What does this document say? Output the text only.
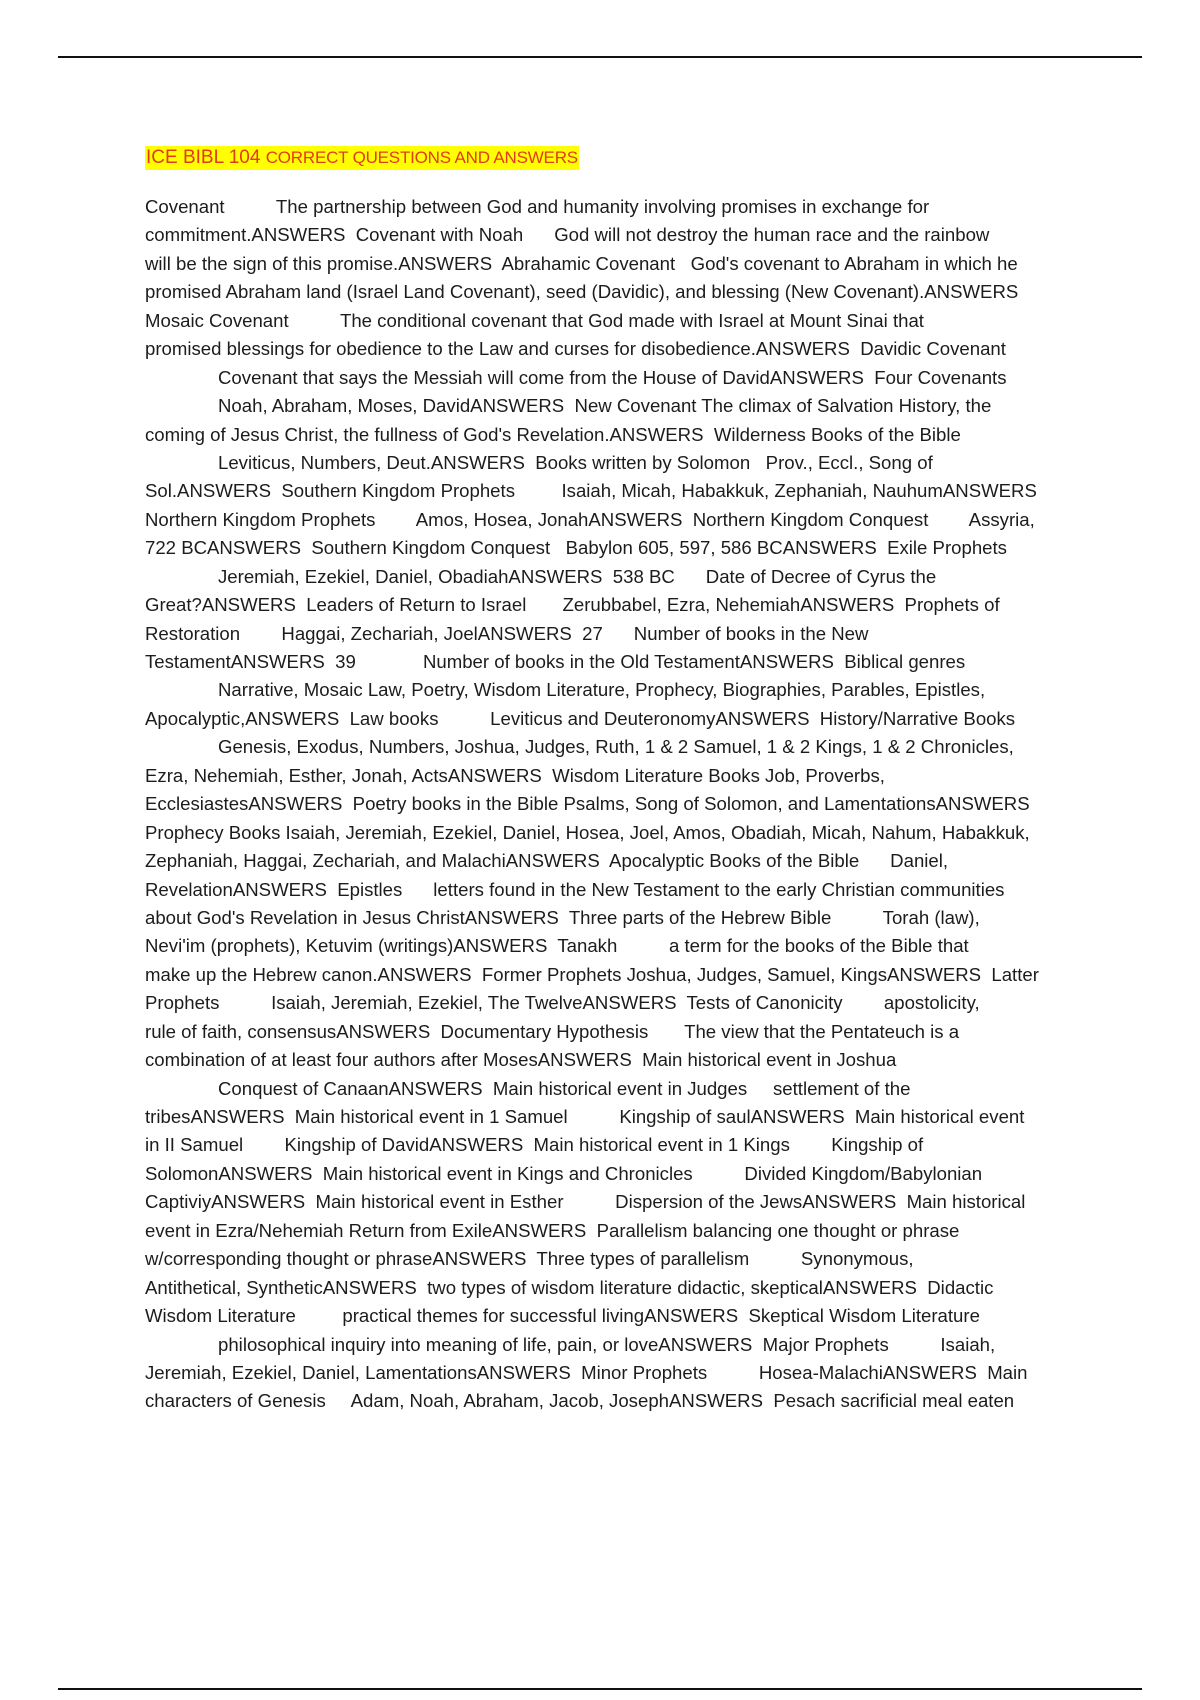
ICE BIBL 104 CORRECT QUESTIONS AND ANSWERS
Covenant          The partnership between God and humanity involving promises in exchange for
commitment.ANSWERS  Covenant with Noah      God will not destroy the human race and the rainbow
will be the sign of this promise.ANSWERS  Abrahamic Covenant   God's covenant to Abraham in which he
promised Abraham land (Israel Land Covenant), seed (Davidic), and blessing (New Covenant).ANSWERS
Mosaic Covenant          The conditional covenant that God made with Israel at Mount Sinai that
promised blessings for obedience to the Law and curses for disobedience.ANSWERS  Davidic Covenant
Covenant that says the Messiah will come from the House of DavidANSWERS  Four Covenants
Noah, Abraham, Moses, DavidANSWERS  New Covenant The climax of Salvation History, the
coming of Jesus Christ, the fullness of God's Revelation.ANSWERS  Wilderness Books of the Bible
Leviticus, Numbers, Deut.ANSWERS  Books written by Solomon   Prov., Eccl., Song of
Sol.ANSWERS  Southern Kingdom Prophets         Isaiah, Micah, Habakkuk, Zephaniah, NauhumANSWERS
Northern Kingdom Prophets        Amos, Hosea, JonahANSWERS  Northern Kingdom Conquest        Assyria,
722 BCANSWERS  Southern Kingdom Conquest   Babylon 605, 597, 586 BCANSWERS  Exile Prophets
Jeremiah, Ezekiel, Daniel, ObadiahANSWERS  538 BC      Date of Decree of Cyrus the
Great?ANSWERS  Leaders of Return to Israel       Zerubbabel, Ezra, NehemiahANSWERS  Prophets of
Restoration        Haggai, Zechariah, JoelANSWERS  27      Number of books in the New
TestamentANSWERS  39             Number of books in the Old TestamentANSWERS  Biblical genres
Narrative, Mosaic Law, Poetry, Wisdom Literature, Prophecy, Biographies, Parables, Epistles,
Apocalyptic,ANSWERS  Law books          Leviticus and DeuteronomyANSWERS  History/Narrative Books
Genesis, Exodus, Numbers, Joshua, Judges, Ruth, 1 & 2 Samuel, 1 & 2 Kings, 1 & 2 Chronicles,
Ezra, Nehemiah, Esther, Jonah, ActsANSWERS  Wisdom Literature Books Job, Proverbs,
EcclesiastesANSWERS  Poetry books in the Bible Psalms, Song of Solomon, and LamentationsANSWERS
Prophecy Books Isaiah, Jeremiah, Ezekiel, Daniel, Hosea, Joel, Amos, Obadiah, Micah, Nahum, Habakkuk,
Zephaniah, Haggai, Zechariah, and MalachiANSWERS  Apocalyptic Books of the Bible      Daniel,
RevelationANSWERS  Epistles      letters found in the New Testament to the early Christian communities
about God's Revelation in Jesus ChristANSWERS  Three parts of the Hebrew Bible          Torah (law),
Nevi'im (prophets), Ketuvim (writings)ANSWERS  Tanakh          a term for the books of the Bible that
make up the Hebrew canon.ANSWERS  Former Prophets Joshua, Judges, Samuel, KingsANSWERS  Latter
Prophets          Isaiah, Jeremiah, Ezekiel, The TwelveANSWERS  Tests of Canonicity        apostolicity,
rule of faith, consensusANSWERS  Documentary Hypothesis       The view that the Pentateuch is a
combination of at least four authors after MosesANSWERS  Main historical event in Joshua
Conquest of CanaanANSWERS  Main historical event in Judges     settlement of the
tribesANSWERS  Main historical event in 1 Samuel          Kingship of saulANSWERS  Main historical event
in II Samuel        Kingship of DavidANSWERS  Main historical event in 1 Kings        Kingship of
SolomonANSWERS  Main historical event in Kings and Chronicles          Divided Kingdom/Babylonian
CaptiviyANSWERS  Main historical event in Esther          Dispersion of the JewsANSWERS  Main historical
event in Ezra/Nehemiah Return from ExileANSWERS  Parallelism balancing one thought or phrase
w/corresponding thought or phraseANSWERS  Three types of parallelism          Synonymous,
Antithetical, SyntheticANSWERS  two types of wisdom literature didactic, skepticalANSWERS  Didactic
Wisdom Literature         practical themes for successful livingANSWERS  Skeptical Wisdom Literature
philosophical inquiry into meaning of life, pain, or loveANSWERS  Major Prophets          Isaiah,
Jeremiah, Ezekiel, Daniel, LamentationsANSWERS  Minor Prophets          Hosea-MalachiANSWERS  Main
characters of Genesis     Adam, Noah, Abraham, Jacob, JosephANSWERS  Pesach sacrificial meal eaten
